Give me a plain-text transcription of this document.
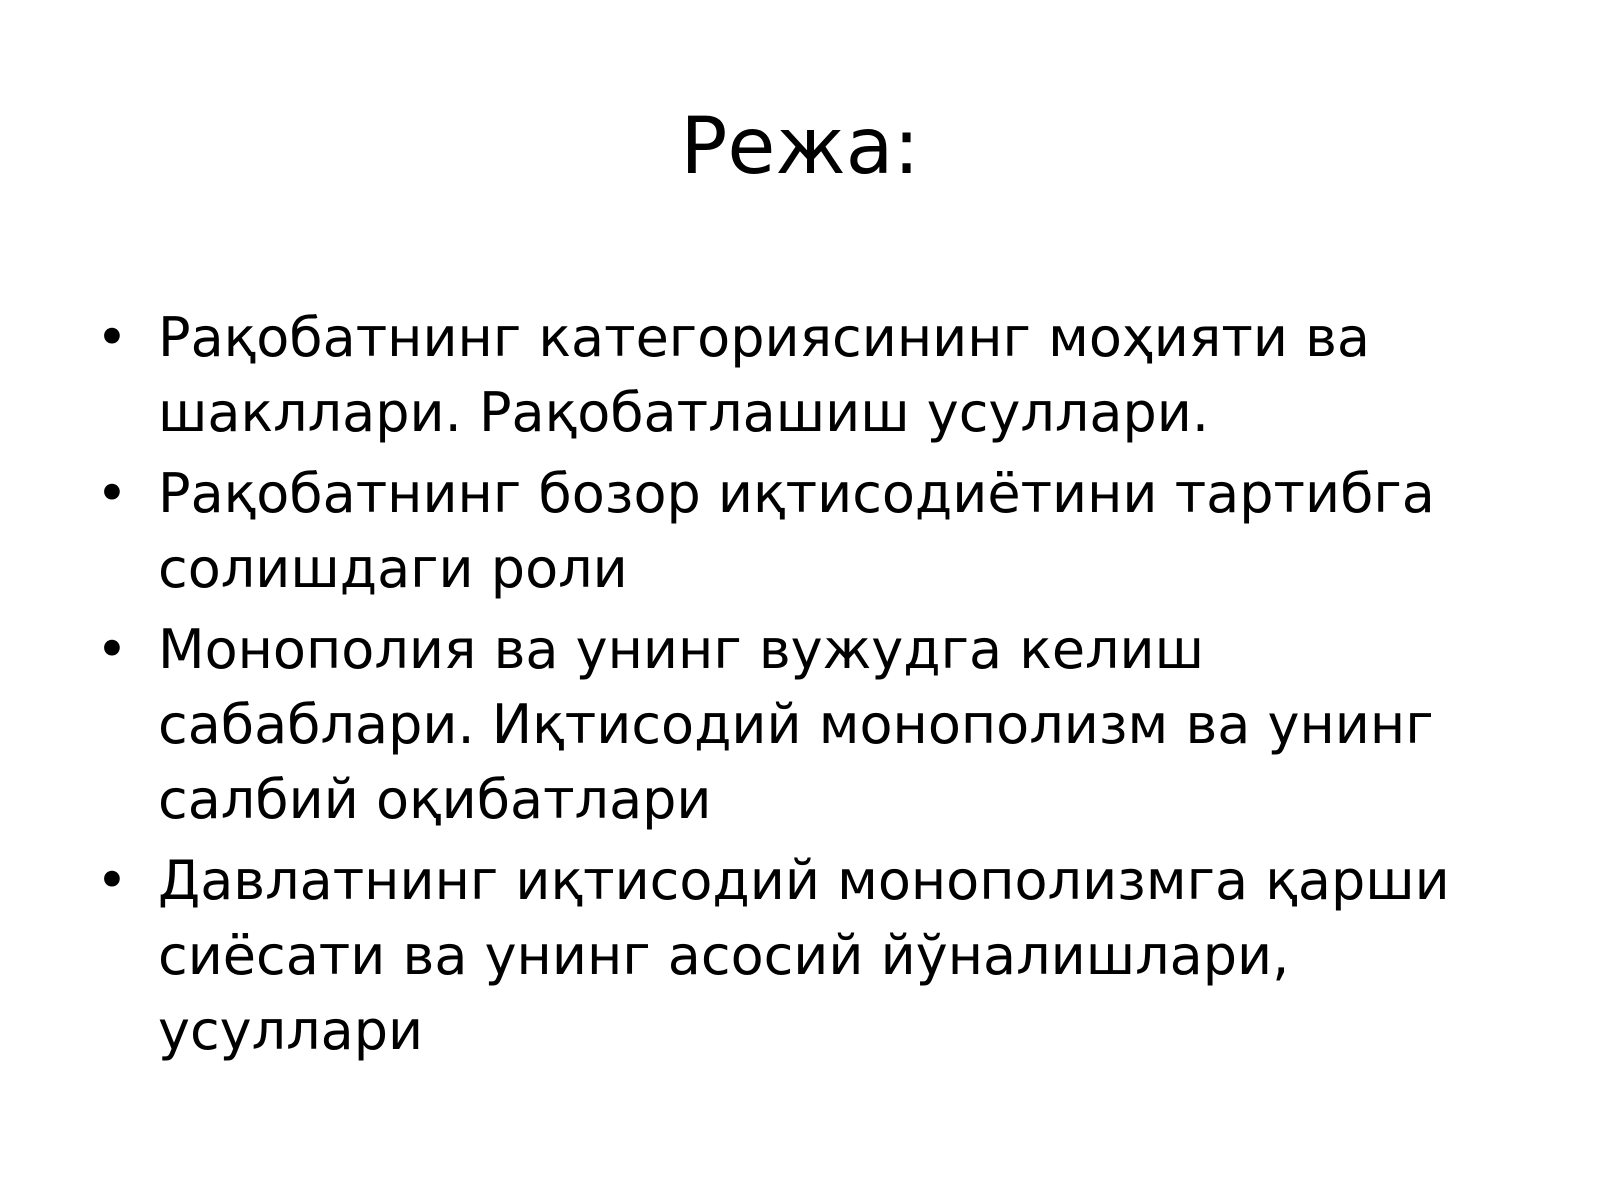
Режа:
• Рақобатнинг категориясининг моҳияти ва шакллари. Рақобатлашиш усуллари.
• Рақобатнинг бозор иқтисодиётини тартибга солишдаги роли
• Монополия ва унинг вужудга келиш сабаблари. Иқтисодий монополизм ва унинг салбий оқибатлари
• Давлатнинг иқтисодий монополизмга қарши сиёсати ва унинг асосий йўналишлари, усуллари
